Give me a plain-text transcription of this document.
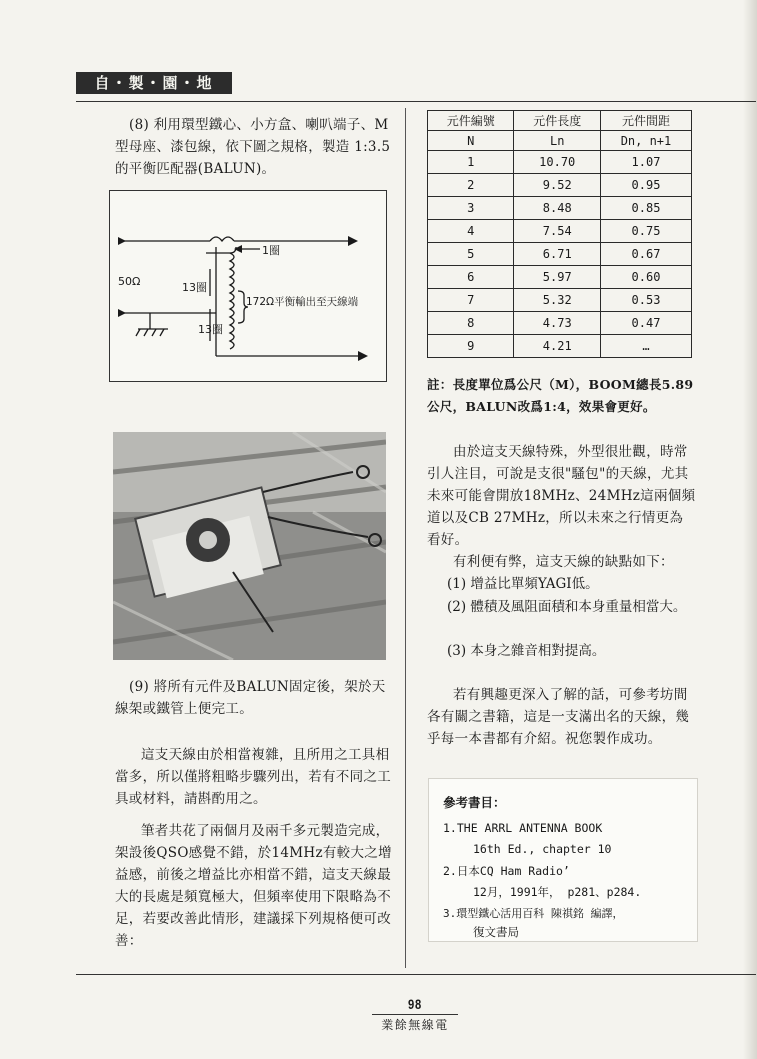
自・製・園・地

(8) 利用環型鐵心、小方盒、喇叭端子、M型母座、漆包線，依下圖之規格，製造 1:3.5 的平衡匹配器(BALUN)。

1圈
50Ω	13圈
13圈
172Ω平衡輸出至天線端

(9) 將所有元件及BALUN固定後，架於天線架或鐵管上便完工。

這支天線由於相當複雜，且所用之工具相當多，所以僅將粗略步驟列出，若有不同之工具或材料，請斟酌用之。

筆者共花了兩個月及兩千多元製造完成，架設後QSO感覺不錯，於14MHz有較大之增益感，前後之增益比亦相當不錯，這支天線最大的長處是頻寬極大，但頻率使用下限略為不足，若要改善此情形，建議採下列規格便可改善：

元件編號	元件長度	元件間距
N	Ln	Dn, n+1
1	10.70	1.07
2	9.52	0.95
3	8.48	0.85
4	7.54	0.75
5	6.71	0.67
6	5.97	0.60
7	5.32	0.53
8	4.73	0.47
9	4.21	…

註：長度單位爲公尺（M），BOOM總長5.89公尺，BALUN改爲1:4，效果會更好。

由於這支天線特殊，外型很壯觀，時常引人注目，可說是支很"騷包"的天線，尤其未來可能會開放18MHz、24MHz這兩個頻道以及CB 27MHz，所以未來之行情更為看好。

有利便有弊，這支天線的缺點如下：

(1) 增益比單頻YAGI低。

(2) 體積及風阻面積和本身重量相當大。

(3) 本身之雜音相對提高。

若有興趣更深入了解的話，可參考坊間各有關之書籍，這是一支滿出名的天線，幾乎每一本書都有介紹。祝您製作成功。

參考書目：
1.THE ARRL ANTENNA BOOK
16th Ed., chapter 10
2.日本CQ Ham Radio’
12月，1991年， p281、p284.
3.環型鐵心活用百科 陳祺銘 編譯，
復文書局
98
業餘無線電
